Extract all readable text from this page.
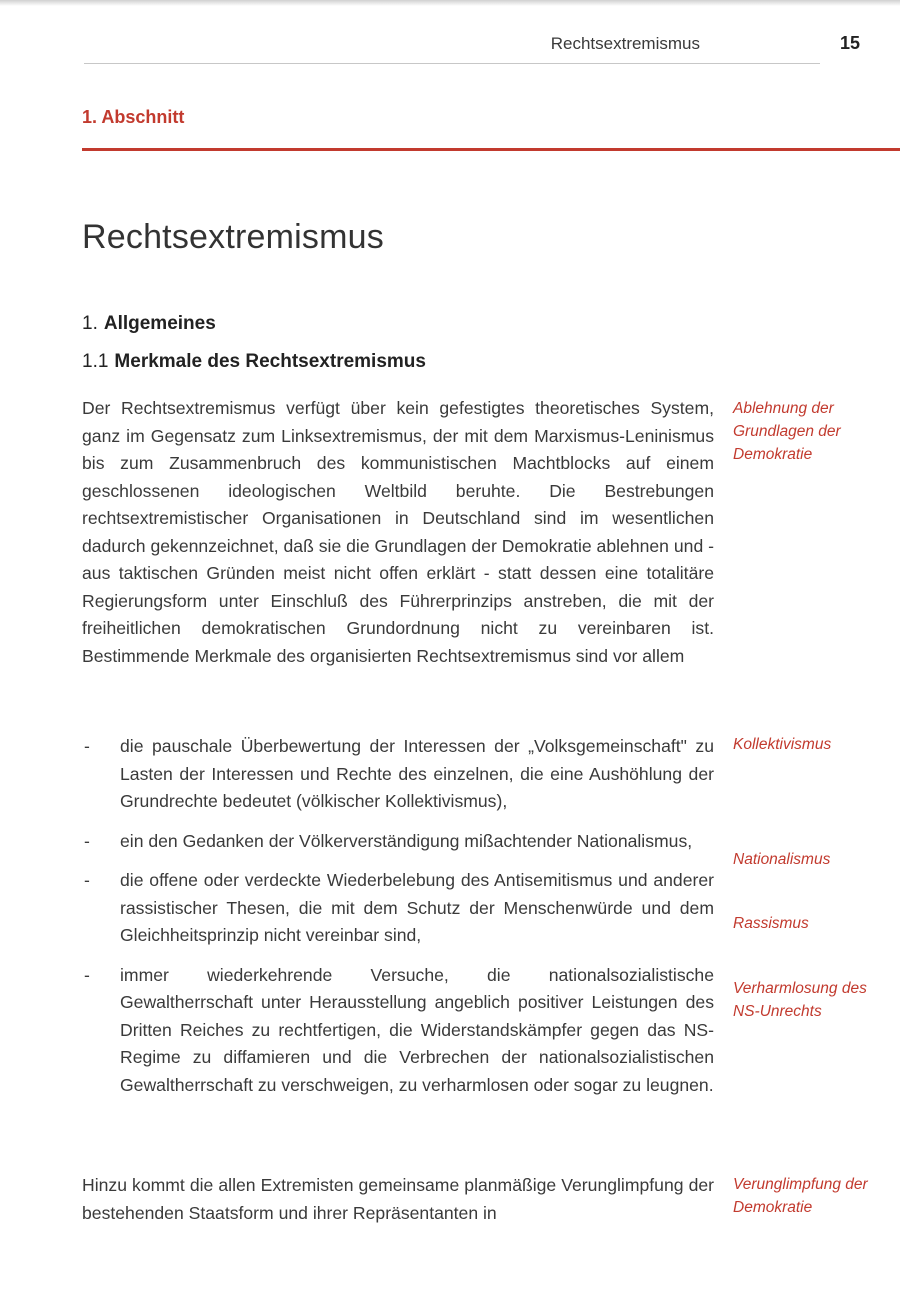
Rechtsextremismus	15
1. Abschnitt
Rechtsextremismus
1. Allgemeines
1.1 Merkmale des Rechtsextremismus

Der Rechtsextremismus verfügt über kein gefestigtes theoretisches System, ganz im Gegensatz zum Linksextremismus, der mit dem Marxismus-Leninismus bis zum Zusammenbruch des kommunistischen Machtblocks auf einem geschlossenen ideologischen Weltbild beruhte. Die Bestrebungen rechtsextremistischer Organisationen in Deutschland sind im wesentlichen dadurch gekennzeichnet, daß sie die Grundlagen der Demokratie ablehnen und - aus taktischen Gründen meist nicht offen erklärt - statt dessen eine totalitäre Regierungsform unter Einschluß des Führerprinzips anstreben, die mit der freiheitlichen demokratischen Grundordnung nicht zu vereinbaren ist. Bestimmende Merkmale des organisierten Rechtsextremismus sind vor allem

- die pauschale Überbewertung der Interessen der „Volksgemeinschaft" zu Lasten der Interessen und Rechte des einzelnen, die eine Aushöhlung der Grundrechte bedeutet (völkischer Kollektivismus),
- ein den Gedanken der Völkerverständigung mißachtender Nationalismus,
- die offene oder verdeckte Wiederbelebung des Antisemitismus und anderer rassistischer Thesen, die mit dem Schutz der Menschenwürde und dem Gleichheitsprinzip nicht vereinbar sind,
- immer wiederkehrende Versuche, die nationalsozialistische Gewaltherrschaft unter Herausstellung angeblich positiver Leistungen des Dritten Reiches zu rechtfertigen, die Widerstandskämpfer gegen das NS-Regime zu diffamieren und die Verbrechen der nationalsozialistischen Gewaltherrschaft zu verschweigen, zu verharmlosen oder sogar zu leugnen.

Hinzu kommt die allen Extremisten gemeinsame planmäßige Verunglimpfung der bestehenden Staatsform und ihrer Repräsentanten in

Ablehnung der Grundlagen der Demokratie
Kollektivismus
Nationalismus
Rassismus
Verharmlosung des NS-Unrechts
Verunglimpfung der Demokratie
